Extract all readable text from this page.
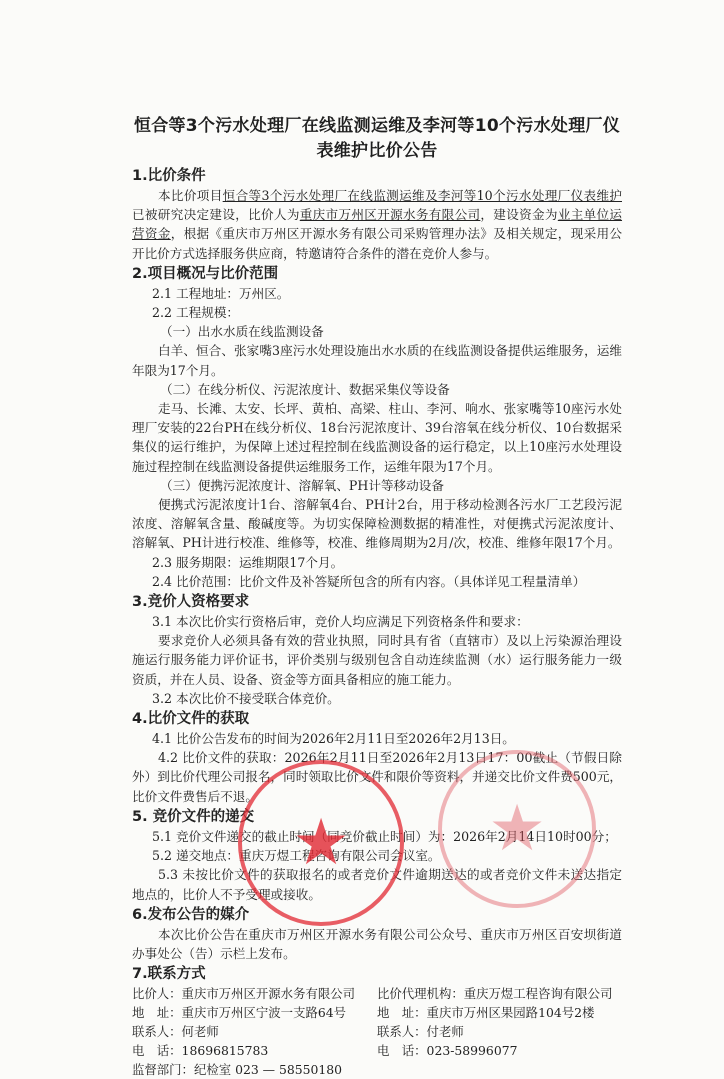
恒合等3个污水处理厂在线监测运维及李河等10个污水处理厂仪表维护比价公告
1.比价条件

本比价项目恒合等3个污水处理厂在线监测运维及李河等10个污水处理厂仪表维护已被研究决定建设，比价人为重庆市万州区开源水务有限公司，建设资金为业主单位运营资金，根据《重庆市万州区开源水务有限公司采购管理办法》及相关规定，现采用公开比价方式选择服务供应商，特邀请符合条件的潜在竞价人参与。

2.项目概况与比价范围

2.1 工程地址：万州区。

2.2 工程规模：

（一）出水水质在线监测设备

白羊、恒合、张家嘴3座污水处理设施出水水质的在线监测设备提供运维服务，运维年限为17个月。

（二）在线分析仪、污泥浓度计、数据采集仪等设备

走马、长滩、太安、长坪、黄柏、高梁、柱山、李河、响水、张家嘴等10座污水处理厂安装的22台PH在线分析仪、18台污泥浓度计、39台溶氧在线分析仪、10台数据采集仪的运行维护，为保障上述过程控制在线监测设备的运行稳定，以上10座污水处理设施过程控制在线监测设备提供运维服务工作，运维年限为17个月。

（三）便携污泥浓度计、溶解氧、PH计等移动设备

便携式污泥浓度计1台、溶解氧4台、PH计2台，用于移动检测各污水厂工艺段污泥浓度、溶解氧含量、酸碱度等。为切实保障检测数据的精准性，对便携式污泥浓度计、溶解氧、PH计进行校准、维修等，校准、维修周期为2月/次，校准、维修年限17个月。

2.3 服务期限：运维期限17个月。

2.4 比价范围：比价文件及补答疑所包含的所有内容。（具体详见工程量清单）

3.竞价人资格要求

3.1 本次比价实行资格后审，竞价人均应满足下列资格条件和要求：

要求竞价人必须具备有效的营业执照，同时具有省（直辖市）及以上污染源治理设施运行服务能力评价证书，评价类别与级别包含自动连续监测（水）运行服务能力一级资质，并在人员、设备、资金等方面具备相应的施工能力。

3.2 本次比价不接受联合体竞价。

4.比价文件的获取

4.1 比价公告发布的时间为2026年2月11日至2026年2月13日。

4.2 比价文件的获取：2026年2月11日至2026年2月13日17：00截止（节假日除外）到比价代理公司报名，同时领取比价文件和限价等资料，并递交比价文件费500元，比价文件费售后不退。

5. 竞价文件的递交

5.1 竞价文件递交的截止时间（同竞价截止时间）为：2026年2月14日10时00分；

5.2 递交地点：重庆万煜工程咨询有限公司会议室。

5.3 未按比价文件的获取报名的或者竞价文件逾期送达的或者竞价文件未送达指定地点的，比价人不予受理或接收。

6.发布公告的媒介

本次比价公告在重庆市万州区开源水务有限公司公众号、重庆市万州区百安坝街道办事处公（告）示栏上发布。

7.联系方式
比价人：重庆市万州区开源水务有限公司
地　址：重庆市万州区宁波一支路64号
联系人：何老师
电　话：18696815783
监督部门：纪检室 023 — 58550180
比价代理机构：重庆万煜工程咨询有限公司
地　址：重庆市万州区果园路104号2楼
联系人：付老师
电　话：023-58996077
★ ★
